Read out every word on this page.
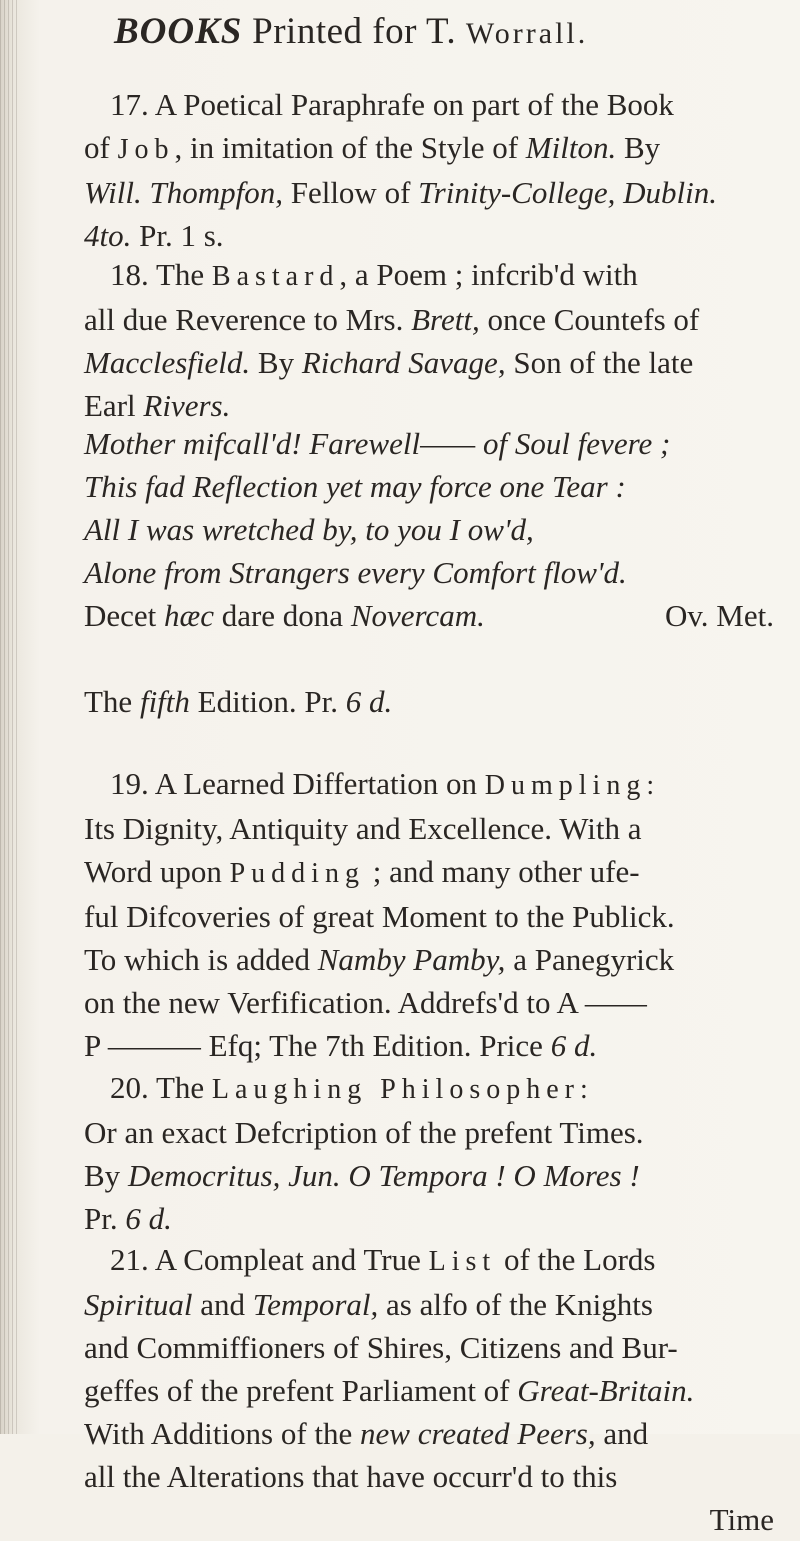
BOOKS Printed for T. Worrall.
17. A Poetical Paraphrafe on part of the Book
of Job, in imitation of the Style of Milton. By
Will. Thompfon, Fellow of Trinity-College, Dublin.
4to. Pr. 1 s.
18. The Bastard, a Poem ; infcrib'd with
all due Reverence to Mrs. Brett, once Countefs of
Macclesfield. By Richard Savage, Son of the late
Earl Rivers.
Mother mifcall'd! Farewell—— of Soul fevere ;
This fad Reflection yet may force one Tear :
All I was wretched by, to you I ow'd,
Alone from Strangers every Comfort flow'd.
Decet hæc dare dona Novercam.	Ov. Met.
The fifth Edition. Pr. 6 d.
19. A Learned Differtation on Dumpling:
Its Dignity, Antiquity and Excellence. With a
Word upon Pudding ; and many other ufe-
ful Difcoveries of great Moment to the Publick.
To which is added Namby Pamby, a Panegyrick
on the new Verfification. Addrefs'd to A ——
P ——— Efq; The 7th Edition. Price 6 d.
20. The Laughing Philosopher:
Or an exact Defcription of the prefent Times.
By Democritus, Jun. O Tempora ! O Mores !
Pr. 6 d.
21. A Compleat and True List of the Lords
Spiritual and Temporal, as alfo of the Knights
and Commiffioners of Shires, Citizens and Bur-
geffes of the prefent Parliament of Great-Britain.
With Additions of the new created Peers, and
all the Alterations that have occurr'd to this
Time
